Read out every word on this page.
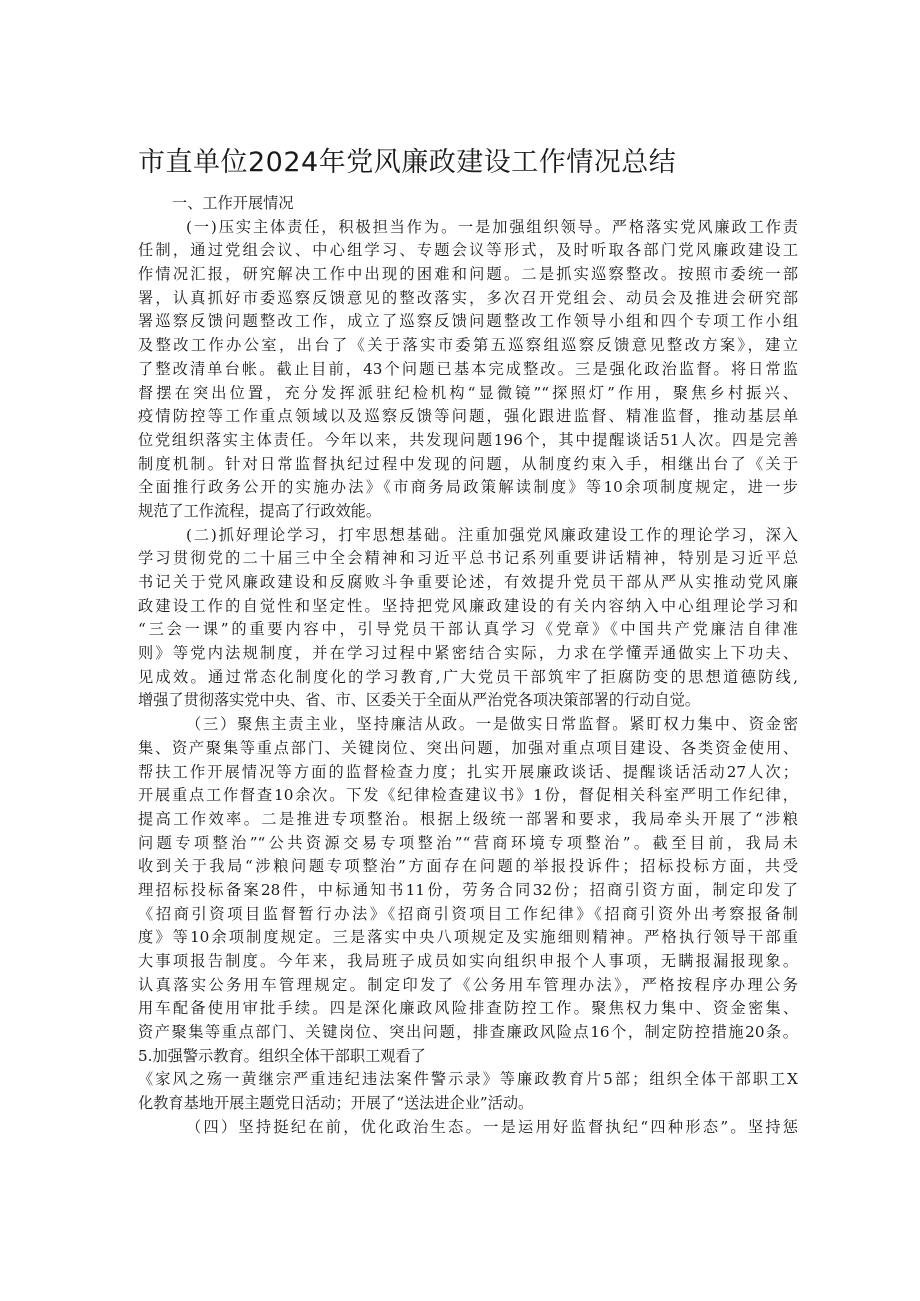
市直单位2024年党风廉政建设工作情况总结
一、工作开展情况
(一)压实主体责任，积极担当作为。一是加强组织领导。严格落实党风廉政工作责
任制，通过党组会议、中心组学习、专题会议等形式，及时听取各部门党风廉政建设工
作情况汇报，研究解决工作中出现的困难和问题。二是抓实巡察整改。按照市委统一部
署，认真抓好市委巡察反馈意见的整改落实，多次召开党组会、动员会及推进会研究部
署巡察反馈问题整改工作，成立了巡察反馈问题整改工作领导小组和四个专项工作小组
及整改工作办公室，出台了《关于落实市委第五巡察组巡察反馈意见整改方案》，建立
了整改清单台帐。截止目前，43个问题已基本完成整改。三是强化政治监督。将日常监
督摆在突出位置，充分发挥派驻纪检机构“显微镜”“探照灯”作用，聚焦乡村振兴、
疫情防控等工作重点领域以及巡察反馈等问题，强化跟进监督、精准监督，推动基层单
位党组织落实主体责任。今年以来，共发现问题196个，其中提醒谈话51人次。四是完善
制度机制。针对日常监督执纪过程中发现的问题，从制度约束入手，相继出台了《关于
全面推行政务公开的实施办法》《市商务局政策解读制度》等10余项制度规定，进一步
规范了工作流程，提高了行政效能。
(二)抓好理论学习，打牢思想基础。注重加强党风廉政建设工作的理论学习，深入
学习贯彻党的二十届三中全会精神和习近平总书记系列重要讲话精神，特别是习近平总
书记关于党风廉政建设和反腐败斗争重要论述，有效提升党员干部从严从实推动党风廉
政建设工作的自觉性和坚定性。坚持把党风廉政建设的有关内容纳入中心组理论学习和
“三会一课”的重要内容中，引导党员干部认真学习《党章》《中国共产党廉洁自律准
则》等党内法规制度，并在学习过程中紧密结合实际，力求在学懂弄通做实上下功夫、
见成效。通过常态化制度化的学习教育,广大党员干部筑牢了拒腐防变的思想道德防线,
增强了贯彻落实党中央、省、市、区委关于全面从严治党各项决策部署的行动自觉。
（三）聚焦主责主业，坚持廉洁从政。一是做实日常监督。紧盯权力集中、资金密
集、资产聚集等重点部门、关键岗位、突出问题，加强对重点项目建设、各类资金使用、
帮扶工作开展情况等方面的监督检查力度；扎实开展廉政谈话、提醒谈话活动27人次；
开展重点工作督查10余次。下发《纪律检查建议书》1份，督促相关科室严明工作纪律，
提高工作效率。二是推进专项整治。根据上级统一部署和要求，我局牵头开展了“涉粮
问题专项整治”“公共资源交易专项整治”“营商环境专项整治”。截至目前，我局未
收到关于我局“涉粮问题专项整治”方面存在问题的举报投诉件；招标投标方面，共受
理招标投标备案28件，中标通知书11份，劳务合同32份；招商引资方面，制定印发了
《招商引资项目监督暂行办法》《招商引资项目工作纪律》《招商引资外出考察报备制
度》等10余项制度规定。三是落实中央八项规定及实施细则精神。严格执行领导干部重
大事项报告制度。今年来，我局班子成员如实向组织申报个人事项，无瞒报漏报现象。
认真落实公务用车管理规定。制定印发了《公务用车管理办法》，严格按程序办理公务
用车配备使用审批手续。四是深化廉政风险排查防控工作。聚焦权力集中、资金密集、
资产聚集等重点部门、关键岗位、突出问题，排查廉政风险点16个，制定防控措施20条。
5.加强警示教育。组织全体干部职工观看了
《家风之殇一黄继宗严重违纪违法案件警示录》等廉政教育片5部；组织全体干部职工X
化教育基地开展主题党日活动；开展了“送法进企业”活动。
（四）坚持挺纪在前，优化政治生态。一是运用好监督执纪“四种形态”。坚持惩
